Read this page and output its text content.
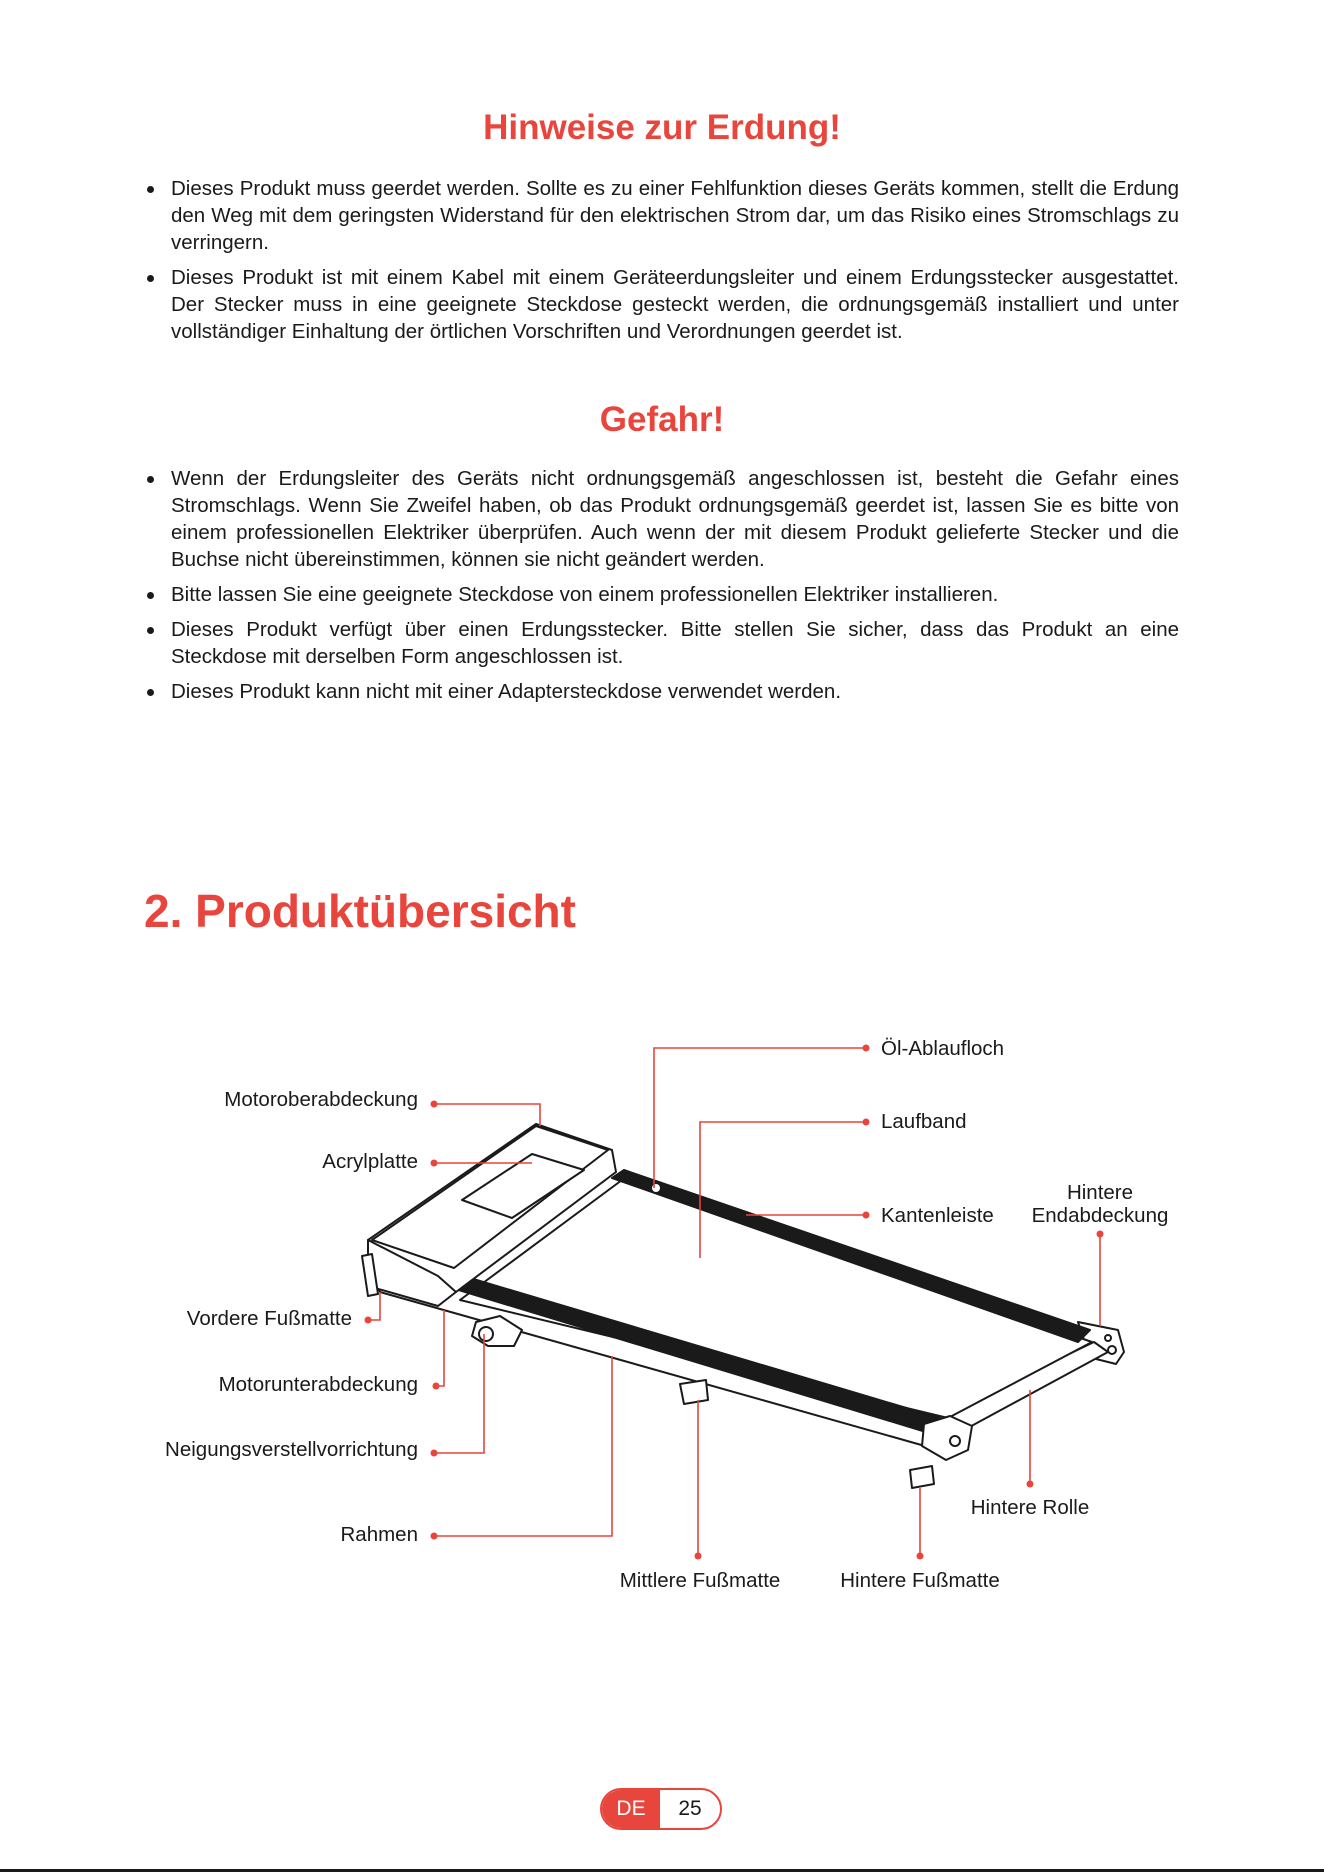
Hinweise zur Erdung!
Dieses Produkt muss geerdet werden. Sollte es zu einer Fehlfunktion dieses Geräts kommen, stellt die Erdung den Weg mit dem geringsten Widerstand für den elektrischen Strom dar, um das Risiko eines Stromschlags zu verringern.
Dieses Produkt ist mit einem Kabel mit einem Geräteerdungsleiter und einem Erdungsstecker ausgestattet. Der Stecker muss in eine geeignete Steckdose gesteckt werden, die ordnungsgemäß installiert und unter vollständiger Einhaltung der örtlichen Vorschriften und Verordnungen geerdet ist.
Gefahr!
Wenn der Erdungsleiter des Geräts nicht ordnungsgemäß angeschlossen ist, besteht die Gefahr eines Stromschlags. Wenn Sie Zweifel haben, ob das Produkt ordnungsgemäß geerdet ist, lassen Sie es bitte von einem professionellen Elektriker überprüfen. Auch wenn der mit diesem Produkt gelieferte Stecker und die Buchse nicht übereinstimmen, können sie nicht geändert werden.
Bitte lassen Sie eine geeignete Steckdose von einem professionellen Elektriker installieren.
Dieses Produkt verfügt über einen Erdungsstecker. Bitte stellen Sie sicher, dass das Produkt an eine Steckdose mit derselben Form angeschlossen ist.
Dieses Produkt kann nicht mit einer Adaptersteckdose verwendet werden.
2. Produktübersicht
Öl-Ablaufloch
Motoroberabdeckung
Laufband
Acrylplatte
Kantenleiste
Hintere
Endabdeckung
Vordere Fußmatte
Motorunterabdeckung
Neigungsverstellvorrichtung
Rahmen
Hintere Rolle
Mittlere Fußmatte	Hintere Fußmatte
DE	25
